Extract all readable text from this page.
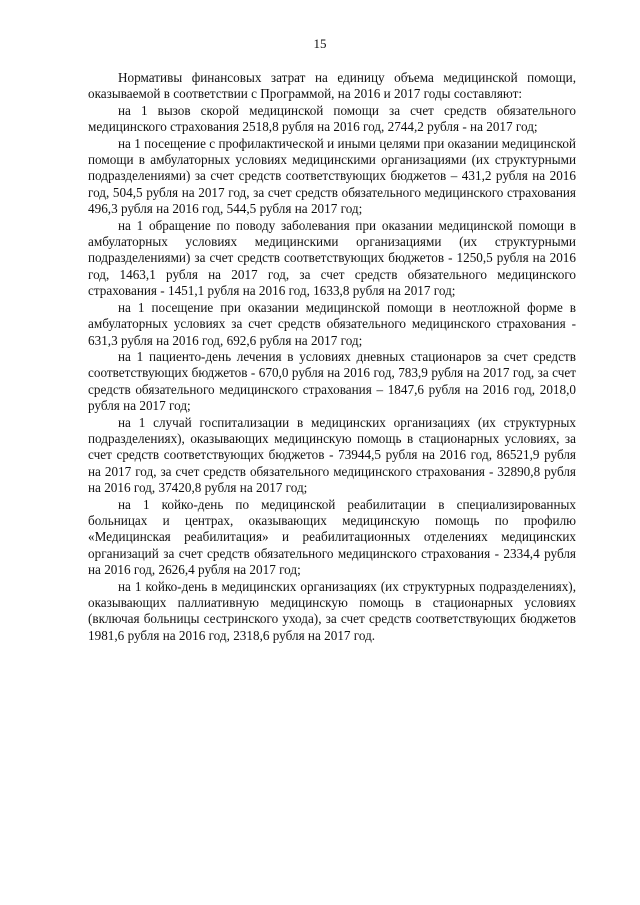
15

Нормативы финансовых затрат на единицу объема медицинской помощи, оказываемой в соответствии с Программой, на 2016 и 2017 годы составляют:

на 1 вызов скорой медицинской помощи за счет средств обязательного медицинского страхования 2518,8 рубля на 2016 год, 2744,2 рубля - на 2017 год;

на 1 посещение с профилактической и иными целями при оказании медицинской помощи в амбулаторных условиях медицинскими организациями (их структурными подразделениями) за счет средств соответствующих бюджетов – 431,2 рубля на 2016 год, 504,5 рубля на 2017 год, за счет средств обязательного медицинского страхования 496,3 рубля на 2016 год, 544,5 рубля на 2017 год;

на 1 обращение по поводу заболевания при оказании медицинской помощи в амбулаторных условиях медицинскими организациями (их структурными подразделениями) за счет средств соответствующих бюджетов - 1250,5 рубля на 2016 год, 1463,1 рубля на 2017 год, за счет средств обязательного медицинского страхования - 1451,1 рубля на 2016 год, 1633,8 рубля на 2017 год;

на 1 посещение при оказании медицинской помощи в неотложной форме в амбулаторных условиях за счет средств обязательного медицинского страхования - 631,3 рубля на 2016 год, 692,6 рубля на 2017 год;

на 1 пациенто-день лечения в условиях дневных стационаров за счет средств соответствующих бюджетов - 670,0 рубля на 2016 год, 783,9 рубля на 2017 год, за счет средств обязательного медицинского страхования – 1847,6 рубля на 2016 год, 2018,0 рубля на 2017 год;

на 1 случай госпитализации в медицинских организациях (их структурных подразделениях), оказывающих медицинскую помощь в стационарных условиях, за счет средств соответствующих бюджетов - 73944,5 рубля на 2016 год, 86521,9 рубля на 2017 год, за счет средств обязательного медицинского страхования - 32890,8 рубля на 2016 год, 37420,8 рубля на 2017 год;

на 1 койко-день по медицинской реабилитации в специализированных больницах и центрах, оказывающих медицинскую помощь по профилю «Медицинская реабилитация» и реабилитационных отделениях медицинских организаций за счет средств обязательного медицинского страхования - 2334,4 рубля на 2016 год, 2626,4 рубля на 2017 год;

на 1 койко-день в медицинских организациях (их структурных подразделениях), оказывающих паллиативную медицинскую помощь в стационарных условиях (включая больницы сестринского ухода), за счет средств соответствующих бюджетов 1981,6 рубля на 2016 год, 2318,6 рубля на 2017 год.
